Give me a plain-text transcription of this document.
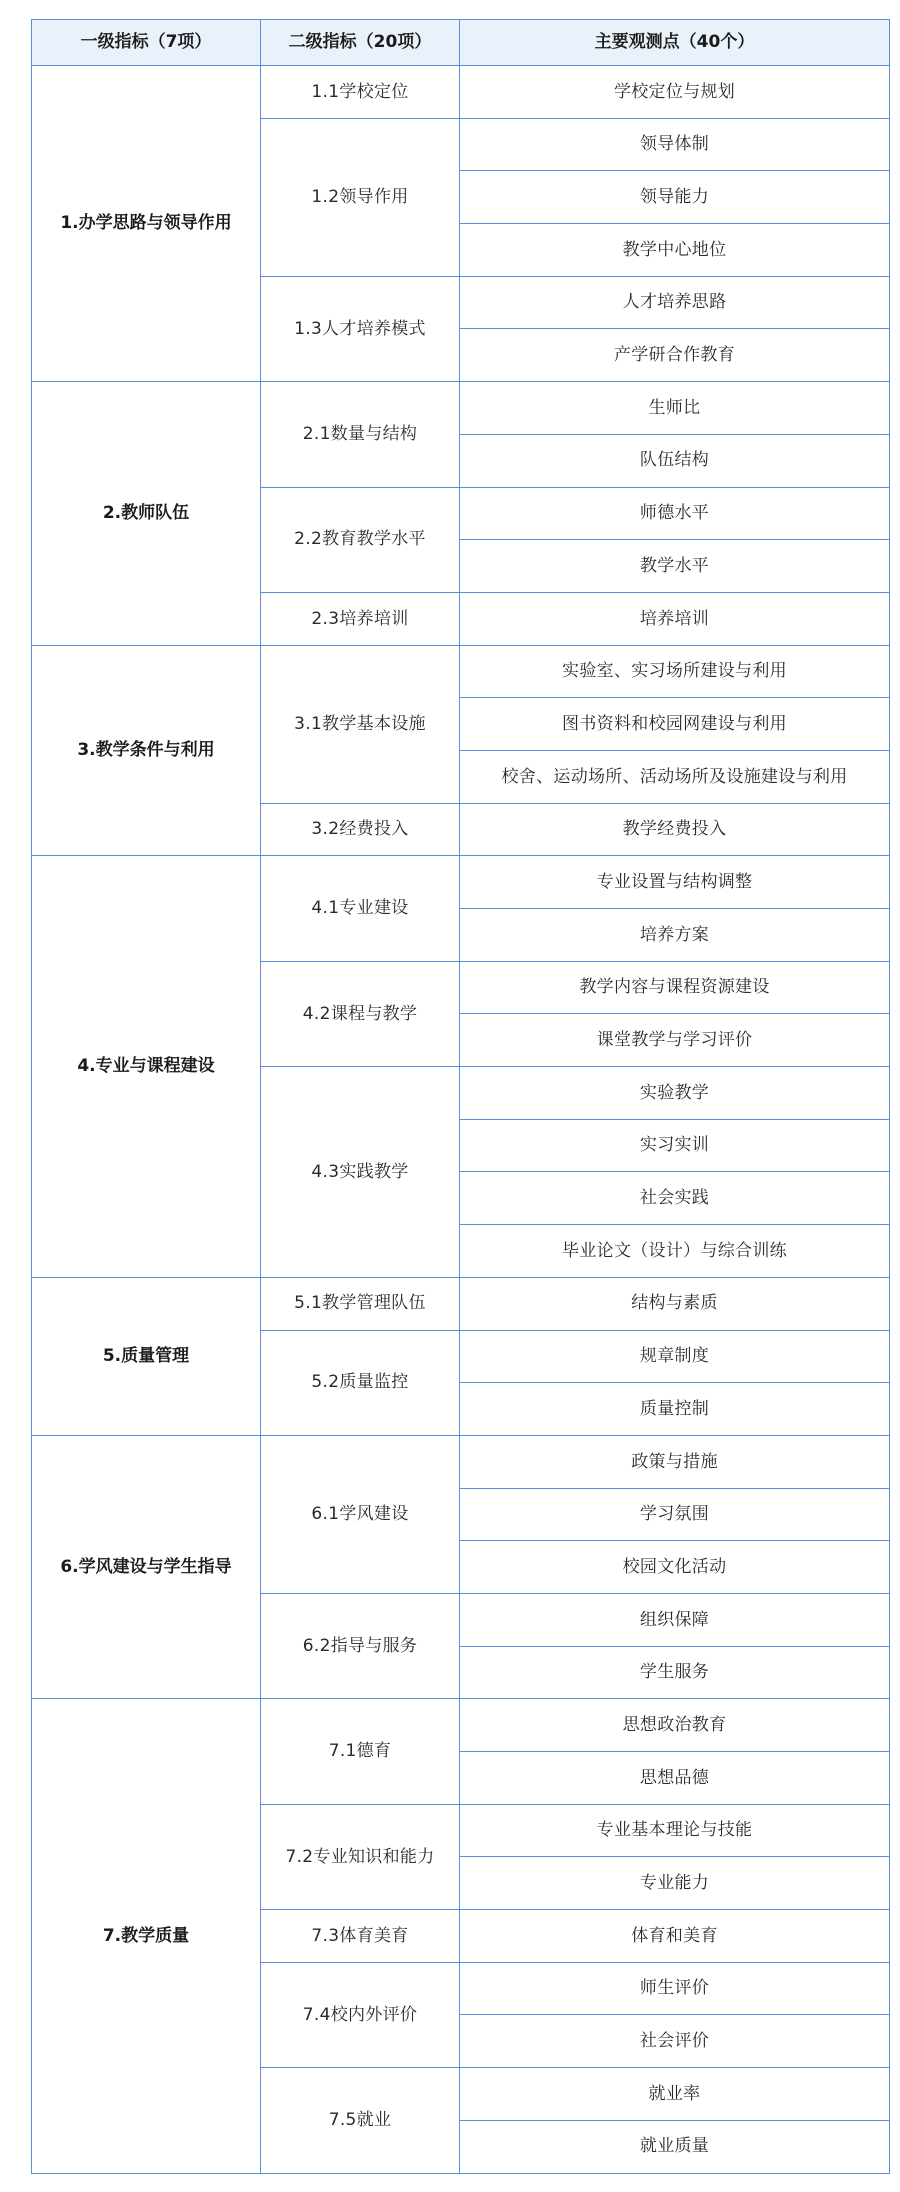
一级指标（7项）	二级指标（20项）	主要观测点（40个）
1.办学思路与领导作用	1.1学校定位	学校定位与规划
	1.2领导作用	领导体制
		领导能力
		教学中心地位
	1.3人才培养模式	人才培养思路
		产学研合作教育
2.教师队伍	2.1数量与结构	生师比
		队伍结构
	2.2教育教学水平	师德水平
		教学水平
	2.3培养培训	培养培训
3.教学条件与利用	3.1教学基本设施	实验室、实习场所建设与利用
		图书资料和校园网建设与利用
		校舍、运动场所、活动场所及设施建设与利用
	3.2经费投入	教学经费投入
4.专业与课程建设	4.1专业建设	专业设置与结构调整
		培养方案
	4.2课程与教学	教学内容与课程资源建设
		课堂教学与学习评价
	4.3实践教学	实验教学
		实习实训
		社会实践
		毕业论文（设计）与综合训练
5.质量管理	5.1教学管理队伍	结构与素质
	5.2质量监控	规章制度
		质量控制
6.学风建设与学生指导	6.1学风建设	政策与措施
		学习氛围
		校园文化活动
	6.2指导与服务	组织保障
		学生服务
7.教学质量	7.1德育	思想政治教育
		思想品德
	7.2专业知识和能力	专业基本理论与技能
		专业能力
	7.3体育美育	体育和美育
	7.4校内外评价	师生评价
		社会评价
	7.5就业	就业率
		就业质量
